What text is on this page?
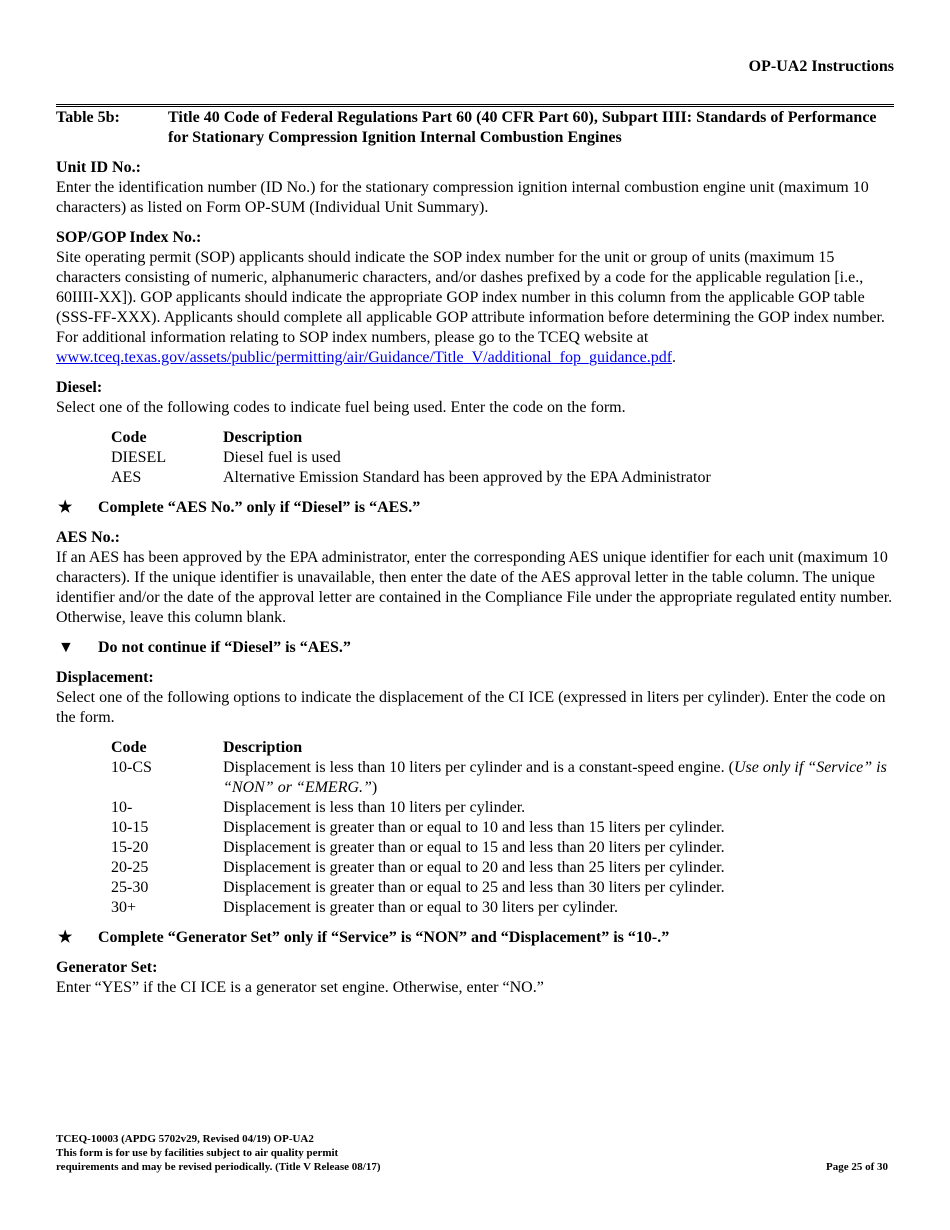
OP-UA2 Instructions
Table 5b:	Title 40 Code of Federal Regulations Part 60 (40 CFR Part 60), Subpart IIII: Standards of Performance for Stationary Compression Ignition Internal Combustion Engines
Unit ID No.:
Enter the identification number (ID No.) for the stationary compression ignition internal combustion engine unit (maximum 10 characters) as listed on Form OP-SUM (Individual Unit Summary).
SOP/GOP Index No.:
Site operating permit (SOP) applicants should indicate the SOP index number for the unit or group of units (maximum 15 characters consisting of numeric, alphanumeric characters, and/or dashes prefixed by a code for the applicable regulation [i.e., 60IIII-XX]). GOP applicants should indicate the appropriate GOP index number in this column from the applicable GOP table (SSS-FF-XXX). Applicants should complete all applicable GOP attribute information before determining the GOP index number. For additional information relating to SOP index numbers, please go to the TCEQ website at www.tceq.texas.gov/assets/public/permitting/air/Guidance/Title_V/additional_fop_guidance.pdf.
Diesel:
Select one of the following codes to indicate fuel being used. Enter the code on the form.
Code	Description
DIESEL	Diesel fuel is used
AES	Alternative Emission Standard has been approved by the EPA Administrator
★	Complete “AES No.” only if “Diesel” is “AES.”
AES No.:
If an AES has been approved by the EPA administrator, enter the corresponding AES unique identifier for each unit (maximum 10 characters). If the unique identifier is unavailable, then enter the date of the AES approval letter in the table column. The unique identifier and/or the date of the approval letter are contained in the Compliance File under the appropriate regulated entity number. Otherwise, leave this column blank.
▼	Do not continue if “Diesel” is “AES.”
Displacement:
Select one of the following options to indicate the displacement of the CI ICE (expressed in liters per cylinder). Enter the code on the form.
Code	Description
10-CS	Displacement is less than 10 liters per cylinder and is a constant-speed engine. (Use only if “Service” is “NON” or “EMERG.”)
10-	Displacement is less than 10 liters per cylinder.
10-15	Displacement is greater than or equal to 10 and less than 15 liters per cylinder.
15-20	Displacement is greater than or equal to 15 and less than 20 liters per cylinder.
20-25	Displacement is greater than or equal to 20 and less than 25 liters per cylinder.
25-30	Displacement is greater than or equal to 25 and less than 30 liters per cylinder.
30+	Displacement is greater than or equal to 30 liters per cylinder.
★	Complete “Generator Set” only if “Service” is “NON” and “Displacement” is “10-.”
Generator Set:
Enter “YES” if the CI ICE is a generator set engine. Otherwise, enter “NO.”
TCEQ-10003 (APDG 5702v29, Revised 04/19) OP-UA2
This form is for use by facilities subject to air quality permit
requirements and may be revised periodically. (Title V Release 08/17)	Page 25 of 30
